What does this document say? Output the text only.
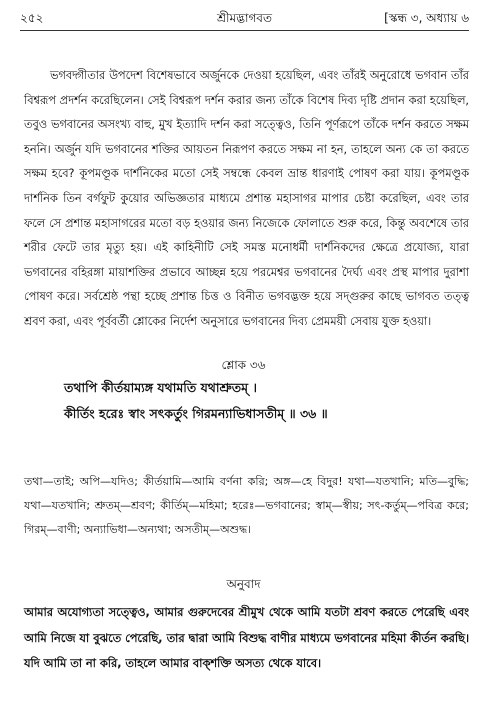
২৫২	শ্রীমদ্ভাগবত	[স্কন্ধ ৩, অধ্যায় ৬
ভগবদ্গীতার উপদেশ বিশেষভাবে অর্জুনকে দেওয়া হয়েছিল, এবং তাঁরই অনুরোধে ভগবান তাঁর বিশ্বরূপ প্রদর্শন করেছিলেন। সেই বিশ্বরূপ দর্শন করার জন্য তাঁকে বিশেষ দিব্য দৃষ্টি প্রদান করা হয়েছিল, তবুও ভগবানের অসংখ্য বাহু, মুখ ইত্যাদি দর্শন করা সত্ত্বেও, তিনি পূর্ণরূপে তাঁকে দর্শন করতে সক্ষম হননি। অর্জুন যদি ভগবানের শক্তির আয়তন নিরূপণ করতে সক্ষম না হন, তাহলে অন্য কে তা করতে সক্ষম হবে? কূপমণ্ডূক দার্শনিকের মতো সেই সম্বন্ধে কেবল ভ্রান্ত ধারণাই পোষণ করা যায়। কূপমণ্ডূক দার্শনিক তিন বর্গফুট কুয়োর অভিজ্ঞতার মাধ্যমে প্রশান্ত মহাসাগর মাপার চেষ্টা করেছিল, এবং তার ফলে সে প্রশান্ত মহাসাগরের মতো বড় হওয়ার জন্য নিজেকে ফোলাতে শুরু করে, কিন্তু অবশেষে তার শরীর ফেটে তার মৃত্যু হয়। এই কাহিনীটি সেই সমস্ত মনোধর্মী দার্শনিকদের ক্ষেত্রে প্রযোজ্য, যারা ভগবানের বহিরঙ্গা মায়াশক্তির প্রভাবে আচ্ছন্ন হয়ে পরমেশ্বর ভগবানের দৈর্ঘ্য এবং প্রস্থ মাপার দুরাশা পোষণ করে। সর্বশ্রেষ্ঠ পন্থা হচ্ছে প্রশান্ত চিত্ত ও বিনীত ভগবদ্ভক্ত হয়ে সদ্গুরুর কাছে ভাগবত তত্ত্ব শ্রবণ করা, এবং পূর্ববর্তী শ্লোকের নির্দেশ অনুসারে ভগবানের দিব্য প্রেমময়ী সেবায় যুক্ত হওয়া।
শ্লোক ৩৬
তথাপি কীর্তয়াম্যঙ্গ যথামতি যথাশ্রুতম্ ।
কীর্তিং হরেঃ স্বাং সৎকর্তুং গিরমন্যাভিধাসতীম্ ॥ ৩৬ ॥
তথা—তাই; অপি—যদিও; কীর্তয়ামি—আমি বর্ণনা করি; অঙ্গ—হে বিদুর! যথা—যতখানি; মতি—বুদ্ধি; যথা—যতখানি; শ্রুতম্—শ্রবণ; কীর্তিম্—মহিমা; হরেঃ—ভগবানের; স্বাম্—স্বীয়; সৎ-কর্তুম্—পবিত্র করে; গিরম্—বাণী; অন্যাভিধা—অন্যথা; অসতীম্—অশুদ্ধ।
অনুবাদ
আমার অযোগ্যতা সত্ত্বেও, আমার গুরুদেবের শ্রীমুখ থেকে আমি যতটা শ্রবণ করতে পেরেছি এবং আমি নিজে যা বুঝতে পেরেছি, তার দ্বারা আমি বিশুদ্ধ বাণীর মাধ্যমে ভগবানের মহিমা কীর্তন করছি। যদি আমি তা না করি, তাহলে আমার বাক্শক্তি অসত্য থেকে যাবে।
